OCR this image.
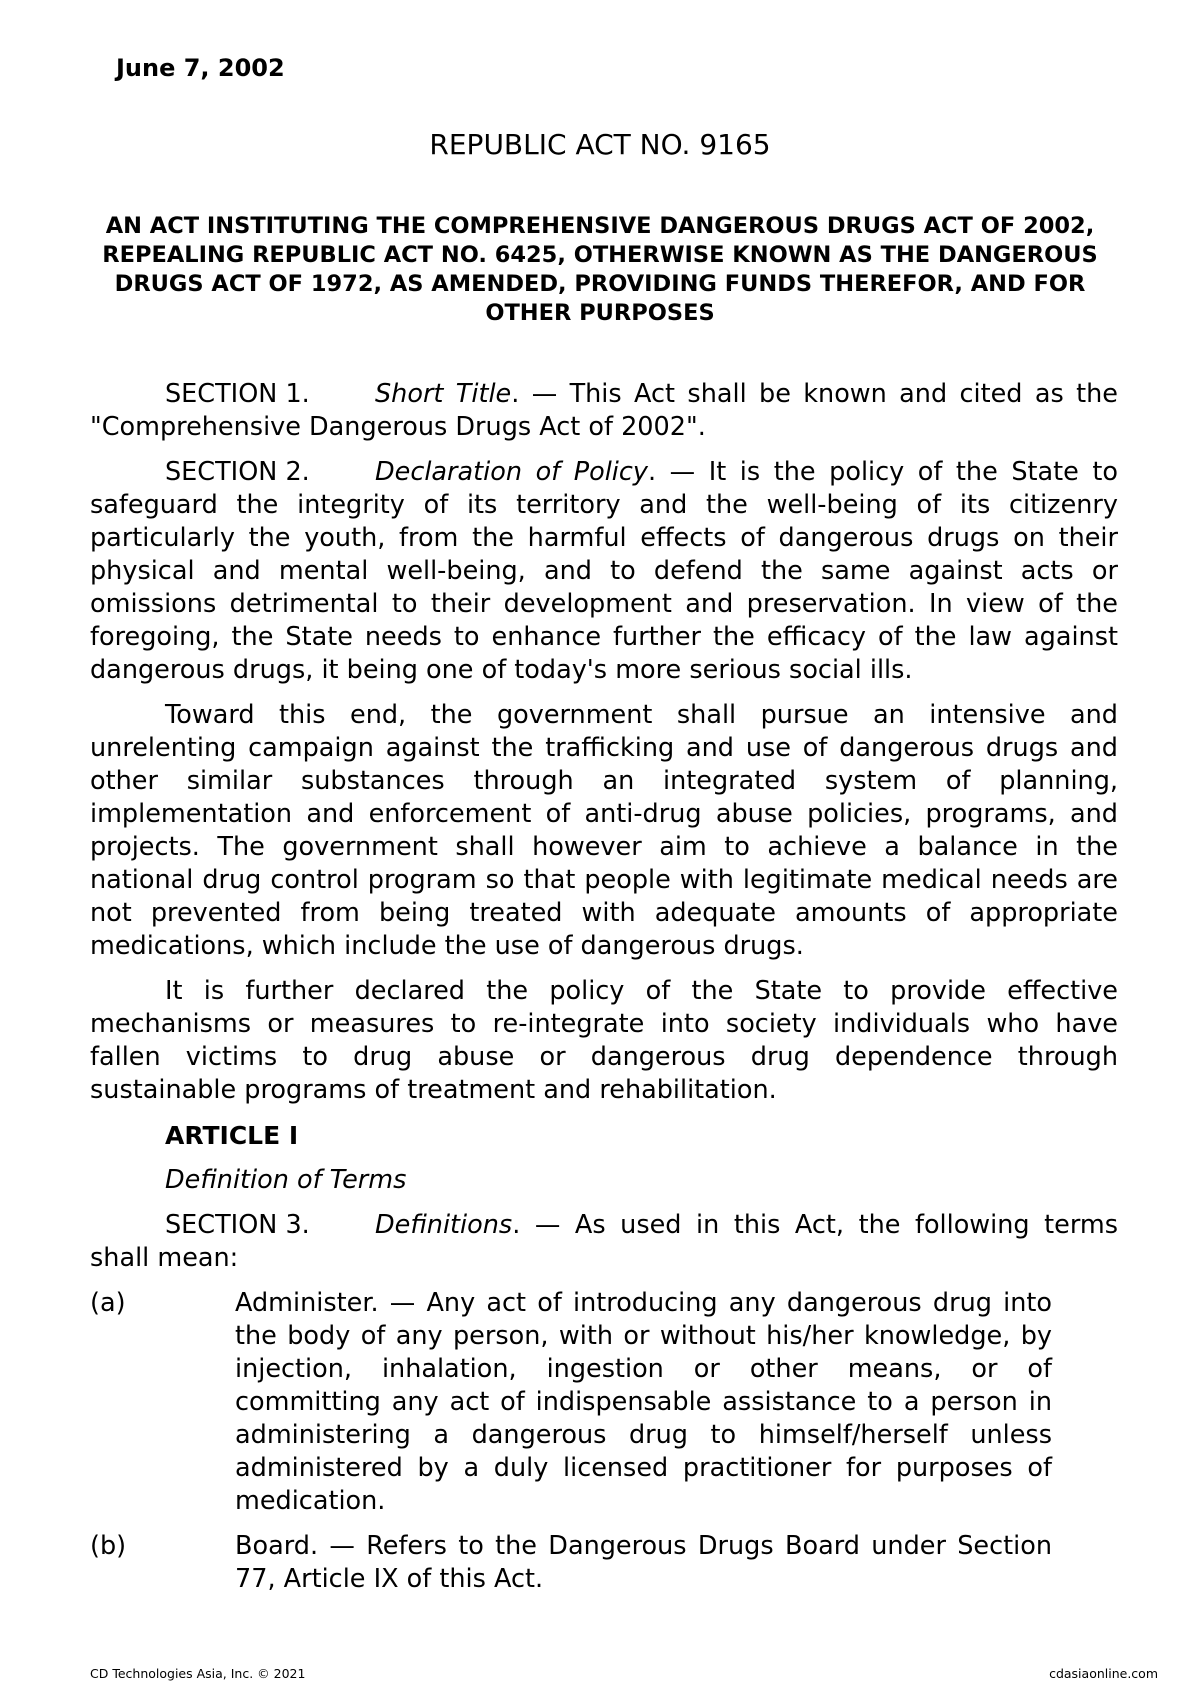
June 7, 2002
REPUBLIC ACT NO. 9165
AN ACT INSTITUTING THE COMPREHENSIVE DANGEROUS DRUGS ACT OF 2002, REPEALING REPUBLIC ACT NO. 6425, OTHERWISE KNOWN AS THE DANGEROUS DRUGS ACT OF 1972, AS AMENDED, PROVIDING FUNDS THEREFOR, AND FOR OTHER PURPOSES

SECTION 1.	Short Title. — This Act shall be known and cited as the "Comprehensive Dangerous Drugs Act of 2002".

SECTION 2.	Declaration of Policy. — It is the policy of the State to safeguard the integrity of its territory and the well-being of its citizenry particularly the youth, from the harmful effects of dangerous drugs on their physical and mental well-being, and to defend the same against acts or omissions detrimental to their development and preservation. In view of the foregoing, the State needs to enhance further the efficacy of the law against dangerous drugs, it being one of today's more serious social ills.

Toward this end, the government shall pursue an intensive and unrelenting campaign against the trafficking and use of dangerous drugs and other similar substances through an integrated system of planning, implementation and enforcement of anti-drug abuse policies, programs, and projects. The government shall however aim to achieve a balance in the national drug control program so that people with legitimate medical needs are not prevented from being treated with adequate amounts of appropriate medications, which include the use of dangerous drugs.

It is further declared the policy of the State to provide effective mechanisms or measures to re-integrate into society individuals who have fallen victims to drug abuse or dangerous drug dependence through sustainable programs of treatment and rehabilitation.

ARTICLE I

Definition of Terms

SECTION 3.	Definitions. — As used in this Act, the following terms shall mean:

(a)	Administer. — Any act of introducing any dangerous drug into the body of any person, with or without his/her knowledge, by injection, inhalation, ingestion or other means, or of committing any act of indispensable assistance to a person in administering a dangerous drug to himself/herself unless administered by a duly licensed practitioner for purposes of medication.
(b)	Board. — Refers to the Dangerous Drugs Board under Section 77, Article IX of this Act.
CD Technologies Asia, Inc. © 2021	cdasiaonline.com
